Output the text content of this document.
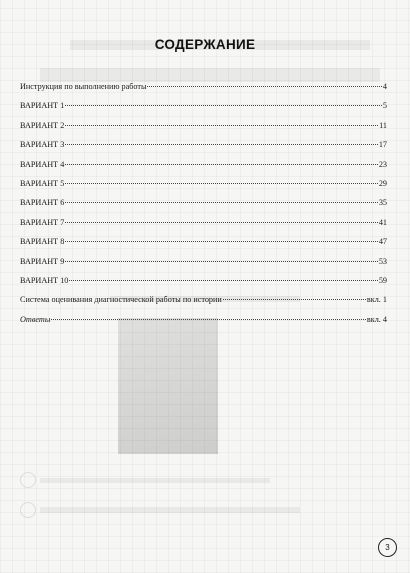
СОДЕРЖАНИЕ
Инструкция по выполнению работы	4
ВАРИАНТ 1	5
ВАРИАНТ 2	11
ВАРИАНТ 3	17
ВАРИАНТ 4	23
ВАРИАНТ 5	29
ВАРИАНТ 6	35
ВАРИАНТ 7	41
ВАРИАНТ 8	47
ВАРИАНТ 9	53
ВАРИАНТ 10	59
Система оценивания диагностической работы по истории	вкл. 1
Ответы	вкл. 4
3
